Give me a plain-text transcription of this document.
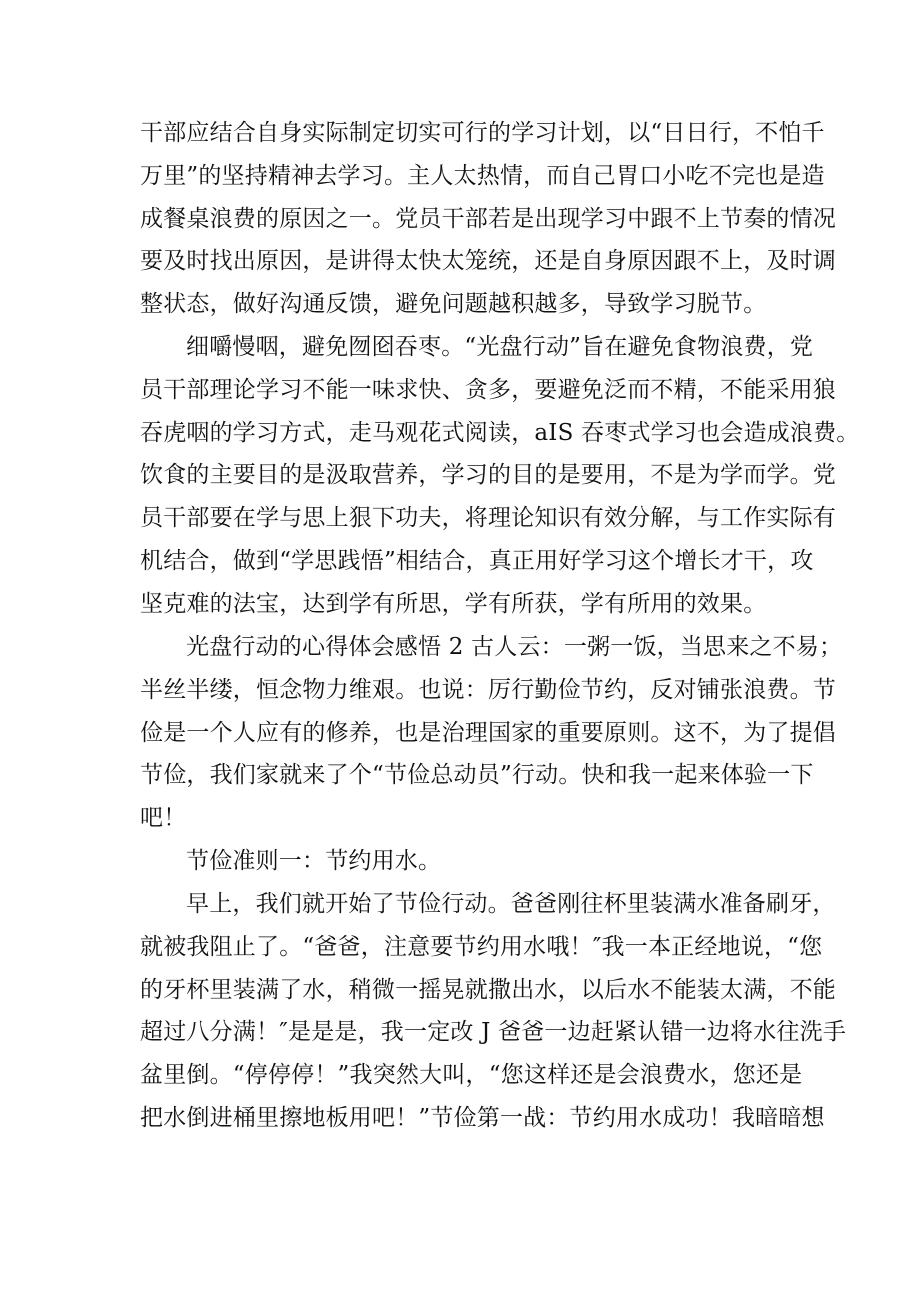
干部应结合自身实际制定切实可行的学习计划，以“日日行，不怕千
万里”的坚持精神去学习。主人太热情，而自己胃口小吃不完也是造
成餐桌浪费的原因之一。党员干部若是出现学习中跟不上节奏的情况
要及时找出原因，是讲得太快太笼统，还是自身原因跟不上，及时调
整状态，做好沟通反馈，避免问题越积越多，导致学习脱节。
细嚼慢咽，避免囫囵吞枣。“光盘行动”旨在避免食物浪费，党
员干部理论学习不能一味求快、贪多，要避免泛而不精，不能采用狼
吞虎咽的学习方式，走马观花式阅读，aIS 吞枣式学习也会造成浪费。
饮食的主要目的是汲取营养，学习的目的是要用，不是为学而学。党
员干部要在学与思上狠下功夫，将理论知识有效分解，与工作实际有
机结合，做到“学思践悟”相结合，真正用好学习这个增长才干，攻
坚克难的法宝，达到学有所思，学有所获，学有所用的效果。
光盘行动的心得体会感悟 2 古人云：一粥一饭，当思来之不易；
半丝半缕，恒念物力维艰。也说：厉行勤俭节约，反对铺张浪费。节
俭是一个人应有的修养，也是治理国家的重要原则。这不，为了提倡
节俭，我们家就来了个“节俭总动员”行动。快和我一起来体验一下
吧！
节俭准则一：节约用水。
早上，我们就开始了节俭行动。爸爸刚往杯里装满水准备刷牙，
就被我阻止了。“爸爸，注意要节约用水哦！″我一本正经地说，“您
的牙杯里装满了水，稍微一摇晃就撒出水，以后水不能装太满，不能
超过八分满！″是是是，我一定改 J 爸爸一边赶紧认错一边将水往洗手
盆里倒。“停停停！”我突然大叫，“您这样还是会浪费水，您还是
把水倒进桶里擦地板用吧！”节俭第一战：节约用水成功！我暗暗想
